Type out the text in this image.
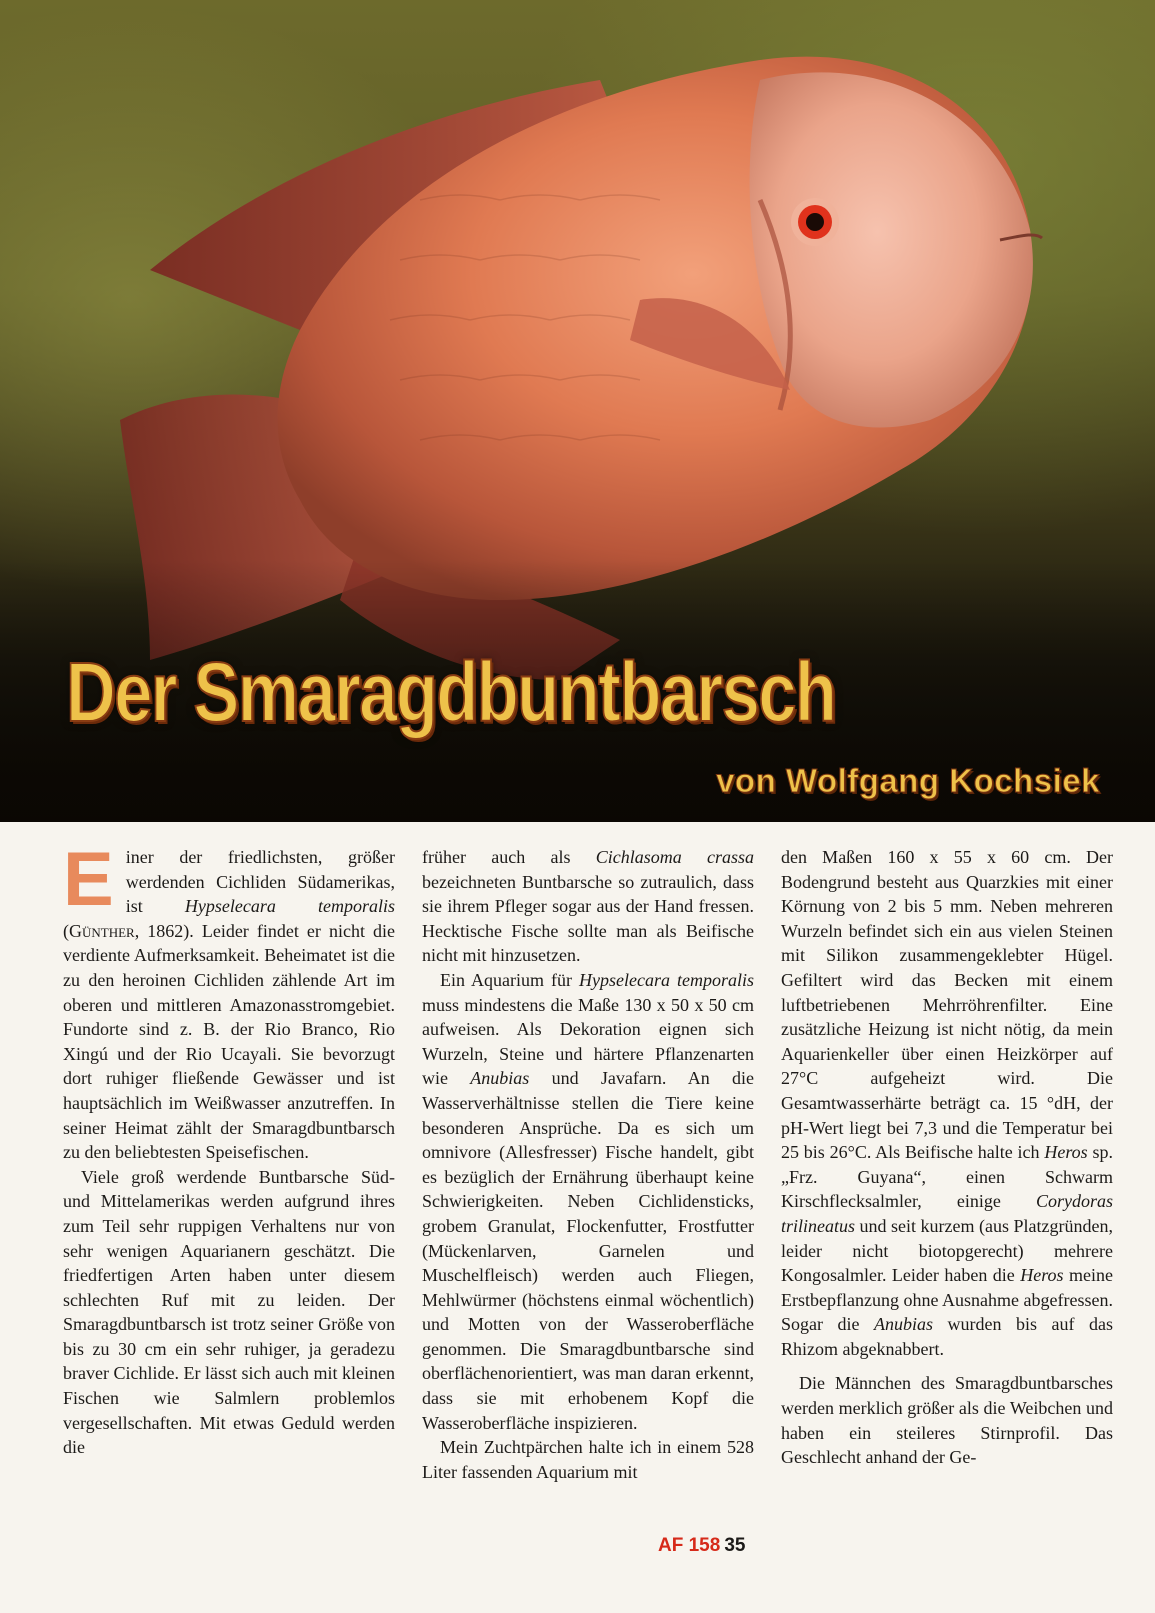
Der Smaragdbuntbarsch
von Wolfgang Kochsiek

Einer der friedlichsten, größer werdenden Cichliden Südamerikas, ist Hypselecara temporalis (Günther, 1862). Leider findet er nicht die verdiente Aufmerksamkeit. Beheimatet ist die zu den heroinen Cichliden zählende Art im oberen und mittleren Amazonasstromgebiet. Fundorte sind z. B. der Rio Branco, Rio Xingú und der Rio Ucayali. Sie bevorzugt dort ruhiger fließende Gewässer und ist hauptsächlich im Weißwasser anzutreffen. In seiner Heimat zählt der Smaragdbuntbarsch zu den beliebtesten Speisefischen.

Viele groß werdende Buntbarsche Süd- und Mittelamerikas werden aufgrund ihres zum Teil sehr ruppigen Verhaltens nur von sehr wenigen Aquarianern geschätzt. Die friedfertigen Arten haben unter diesem schlechten Ruf mit zu leiden. Der Smaragdbuntbarsch ist trotz seiner Größe von bis zu 30 cm ein sehr ruhiger, ja geradezu braver Cichlide. Er lässt sich auch mit kleinen Fischen wie Salmlern problemlos vergesellschaften. Mit etwas Geduld werden die

früher auch als Cichlasoma crassa bezeichneten Buntbarsche so zutraulich, dass sie ihrem Pfleger sogar aus der Hand fressen. Hecktische Fische sollte man als Beifische nicht mit hinzusetzen.

Ein Aquarium für Hypselecara temporalis muss mindestens die Maße 130 x 50 x 50 cm aufweisen. Als Dekoration eignen sich Wurzeln, Steine und härtere Pflanzenarten wie Anubias und Javafarn. An die Wasserverhältnisse stellen die Tiere keine besonderen Ansprüche. Da es sich um omnivore (Allesfresser) Fische handelt, gibt es bezüglich der Ernährung überhaupt keine Schwierigkeiten. Neben Cichlidensticks, grobem Granulat, Flockenfutter, Frostfutter (Mückenlarven, Garnelen und Muschelfleisch) werden auch Fliegen, Mehlwürmer (höchstens einmal wöchentlich) und Motten von der Wasseroberfläche genommen. Die Smaragdbuntbarsche sind oberflächenorientiert, was man daran erkennt, dass sie mit erhobenem Kopf die Wasseroberfläche inspizieren.

Mein Zuchtpärchen halte ich in einem 528 Liter fassenden Aquarium mit

den Maßen 160 x 55 x 60 cm. Der Bodengrund besteht aus Quarzkies mit einer Körnung von 2 bis 5 mm. Neben mehreren Wurzeln befindet sich ein aus vielen Steinen mit Silikon zusammengeklebter Hügel. Gefiltert wird das Becken mit einem luftbetriebenen Mehrröhrenfilter. Eine zusätzliche Heizung ist nicht nötig, da mein Aquarienkeller über einen Heizkörper auf 27°C aufgeheizt wird. Die Gesamtwasserhärte beträgt ca. 15 °dH, der pH-Wert liegt bei 7,3 und die Temperatur bei 25 bis 26°C. Als Beifische halte ich Heros sp. „Frz. Guyana“, einen Schwarm Kirschflecksalmler, einige Corydoras trilineatus und seit kurzem (aus Platzgründen, leider nicht biotopgerecht) mehrere Kongosalmler. Leider haben die Heros meine Erstbepflanzung ohne Ausnahme abgefressen. Sogar die Anubias wurden bis auf das Rhizom abgeknabbert.

Die Männchen des Smaragdbuntbarsches werden merklich größer als die Weibchen und haben ein steileres Stirnprofil. Das Geschlecht anhand der Ge-

AF 158 35
